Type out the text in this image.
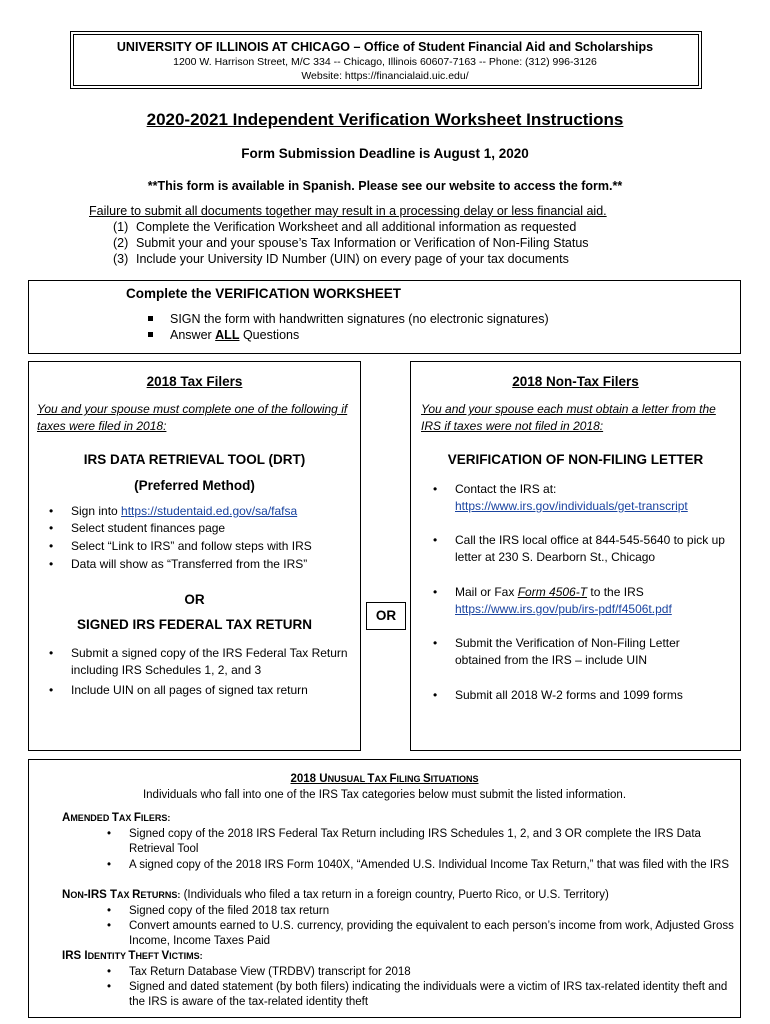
UNIVERSITY OF ILLINOIS AT CHICAGO – Office of Student Financial Aid and Scholarships
1200 W. Harrison Street, M/C 334 -- Chicago, Illinois 60607-7163 -- Phone: (312) 996-3126
Website: https://financialaid.uic.edu/
2020-2021 Independent Verification Worksheet Instructions
Form Submission Deadline is August 1, 2020
**This form is available in Spanish. Please see our website to access the form.**
Failure to submit all documents together may result in a processing delay or less financial aid.
(1) Complete the Verification Worksheet and all additional information as requested
(2) Submit your and your spouse’s Tax Information or Verification of Non-Filing Status
(3) Include your University ID Number (UIN) on every page of your tax documents
Complete the VERIFICATION WORKSHEET
SIGN the form with handwritten signatures (no electronic signatures)
Answer ALL Questions
2018 Tax Filers
You and your spouse must complete one of the following if taxes were filed in 2018:
IRS DATA RETRIEVAL TOOL (DRT)
(Preferred Method)
• Sign into https://studentaid.ed.gov/sa/fafsa
• Select student finances page
• Select “Link to IRS” and follow steps with IRS
• Data will show as “Transferred from the IRS”
OR
SIGNED IRS FEDERAL TAX RETURN
• Submit a signed copy of the IRS Federal Tax Return including IRS Schedules 1, 2, and 3
• Include UIN on all pages of signed tax return
OR
2018 Non-Tax Filers
You and your spouse each must obtain a letter from the IRS if taxes were not filed in 2018:
VERIFICATION OF NON-FILING LETTER
• Contact the IRS at:
https://www.irs.gov/individuals/get-transcript
• Call the IRS local office at 844-545-5640 to pick up letter at 230 S. Dearborn St., Chicago
• Mail or Fax Form 4506-T to the IRS
https://www.irs.gov/pub/irs-pdf/f4506t.pdf
• Submit the Verification of Non-Filing Letter obtained from the IRS – include UIN
• Submit all 2018 W-2 forms and 1099 forms
2018 UNUSUAL TAX FILING SITUATIONS
Individuals who fall into one of the IRS Tax categories below must submit the listed information.
AMENDED TAX FILERS:
• Signed copy of the 2018 IRS Federal Tax Return including IRS Schedules 1, 2, and 3 OR complete the IRS Data Retrieval Tool
• A signed copy of the 2018 IRS Form 1040X, “Amended U.S. Individual Income Tax Return,” that was filed with the IRS
NON-IRS TAX RETURNS: (Individuals who filed a tax return in a foreign country, Puerto Rico, or U.S. Territory)
• Signed copy of the filed 2018 tax return
• Convert amounts earned to U.S. currency, providing the equivalent to each person’s income from work, Adjusted Gross Income, Income Taxes Paid
IRS IDENTITY THEFT VICTIMS:
• Tax Return Database View (TRDBV) transcript for 2018
• Signed and dated statement (by both filers) indicating the individuals were a victim of IRS tax-related identity theft and the IRS is aware of the tax-related identity theft
